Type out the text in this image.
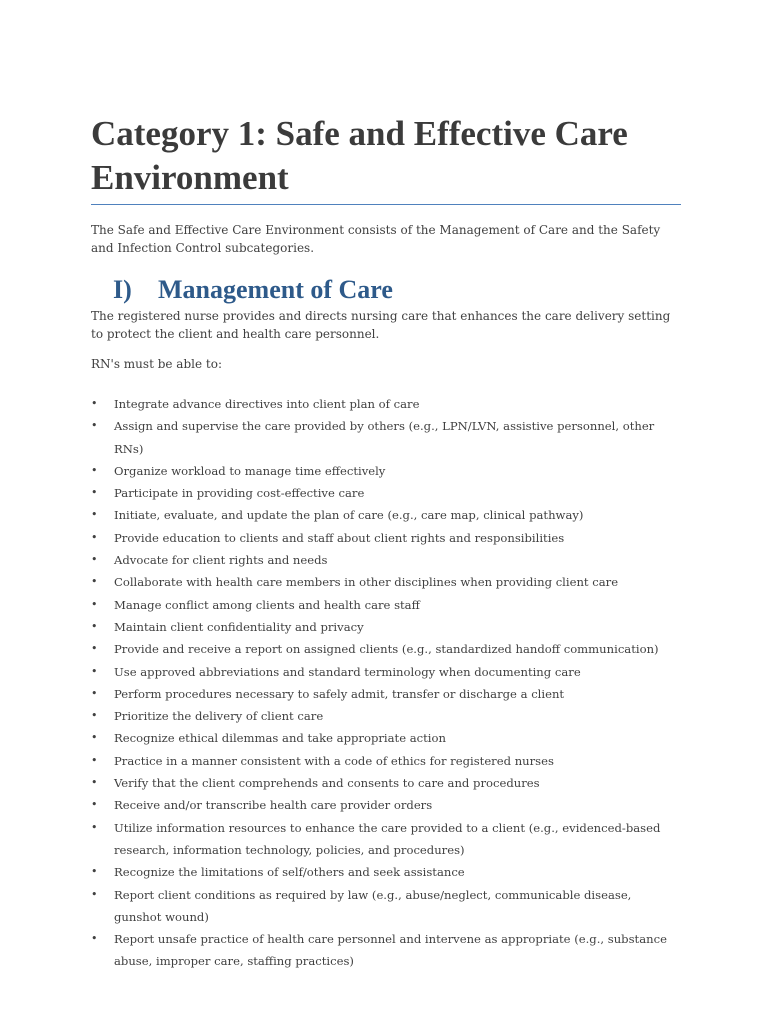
Category 1: Safe and Effective Care Environment

The Safe and Effective Care Environment consists of the Management of Care and the Safety and Infection Control subcategories.

I) Management of Care

The registered nurse provides and directs nursing care that enhances the care delivery setting to protect the client and health care personnel.

RN's must be able to:

• Integrate advance directives into client plan of care
• Assign and supervise the care provided by others (e.g., LPN/LVN, assistive personnel, other RNs)
• Organize workload to manage time effectively
• Participate in providing cost-effective care
• Initiate, evaluate, and update the plan of care (e.g., care map, clinical pathway)
• Provide education to clients and staff about client rights and responsibilities
• Advocate for client rights and needs
• Collaborate with health care members in other disciplines when providing client care
• Manage conflict among clients and health care staff
• Maintain client confidentiality and privacy
• Provide and receive a report on assigned clients (e.g., standardized handoff communication)
• Use approved abbreviations and standard terminology when documenting care
• Perform procedures necessary to safely admit, transfer or discharge a client
• Prioritize the delivery of client care
• Recognize ethical dilemmas and take appropriate action
• Practice in a manner consistent with a code of ethics for registered nurses
• Verify that the client comprehends and consents to care and procedures
• Receive and/or transcribe health care provider orders
• Utilize information resources to enhance the care provided to a client (e.g., evidenced-based research, information technology, policies, and procedures)
• Recognize the limitations of self/others and seek assistance
• Report client conditions as required by law (e.g., abuse/neglect, communicable disease, gunshot wound)
• Report unsafe practice of health care personnel and intervene as appropriate (e.g., substance abuse, improper care, staffing practices)
